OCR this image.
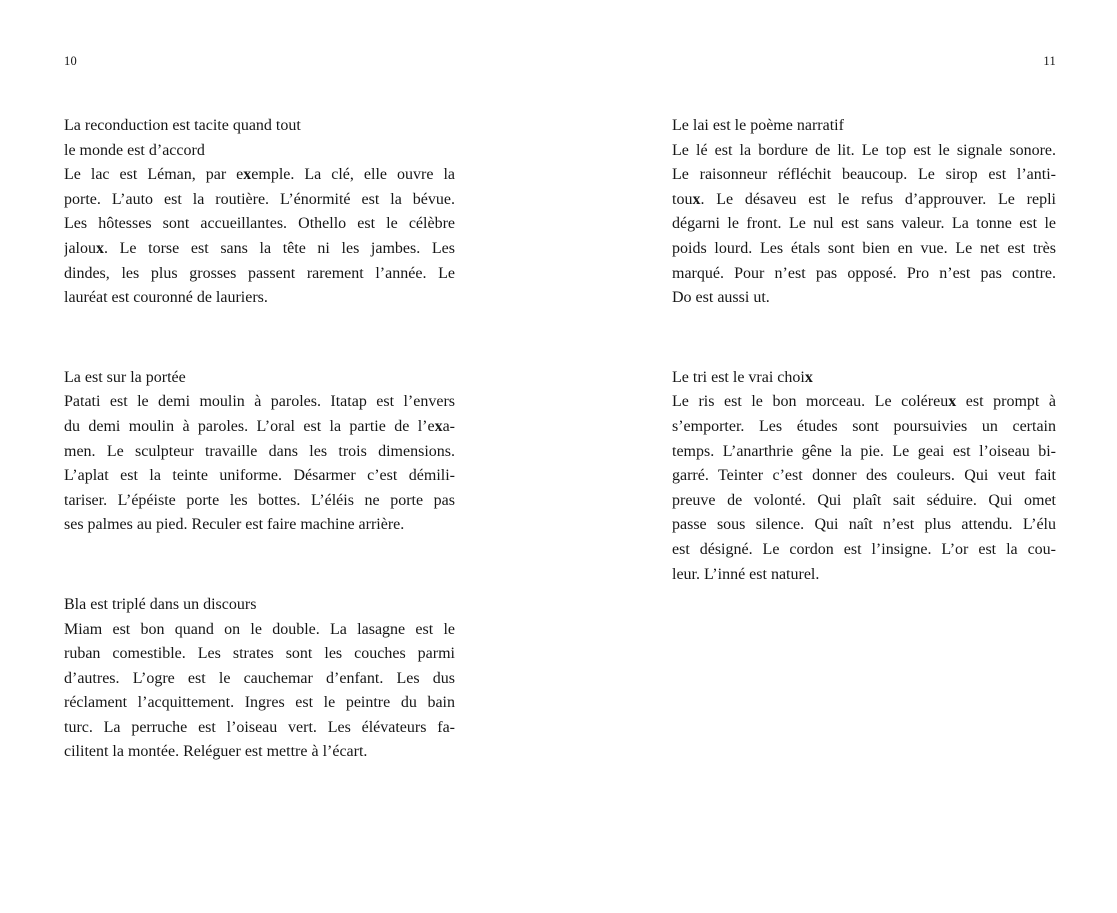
10
La reconduction est tacite quand tout
le monde est d’accord
Le lac est Léman, par exemple. La clé, elle ouvre la
porte. L’auto est la routière. L’énormité est la bévue.
Les hôtesses sont accueillantes. Othello est le célèbre
jaloux. Le torse est sans la tête ni les jambes. Les
dindes, les plus grosses passent rarement l’année. Le
lauréat est couronné de lauriers.
La est sur la portée
Patati est le demi moulin à paroles. Itatap est l’envers
du demi moulin à paroles. L’oral est la partie de l’exa-
men. Le sculpteur travaille dans les trois dimensions.
L’aplat est la teinte uniforme. Désarmer c’est démili-
tariser. L’épéiste porte les bottes. L’éléis ne porte pas
ses palmes au pied. Reculer est faire machine arrière.
Bla est triplé dans un discours
Miam est bon quand on le double. La lasagne est le
ruban comestible. Les strates sont les couches parmi
d’autres. L’ogre est le cauchemar d’enfant. Les dus
réclament l’acquittement. Ingres est le peintre du bain
turc. La perruche est l’oiseau vert. Les élévateurs fa-
cilitent la montée. Reléguer est mettre à l’écart.
11
Le lai est le poème narratif
Le lé est la bordure de lit. Le top est le signale sonore.
Le raisonneur réfléchit beaucoup. Le sirop est l’anti-
toux. Le désaveu est le refus d’approuver. Le repli
dégarni le front. Le nul est sans valeur. La tonne est le
poids lourd. Les étals sont bien en vue. Le net est très
marqué. Pour n’est pas opposé. Pro n’est pas contre.
Do est aussi ut.
Le tri est le vrai choix
Le ris est le bon morceau. Le coléreux est prompt à
s’emporter. Les études sont poursuivies un certain
temps. L’anarthrie gêne la pie. Le geai est l’oiseau bi-
garré. Teinter c’est donner des couleurs. Qui veut fait
preuve de volonté. Qui plaît sait séduire. Qui omet
passe sous silence. Qui naît n’est plus attendu. L’élu
est désigné. Le cordon est l’insigne. L’or est la cou-
leur. L’inné est naturel.
